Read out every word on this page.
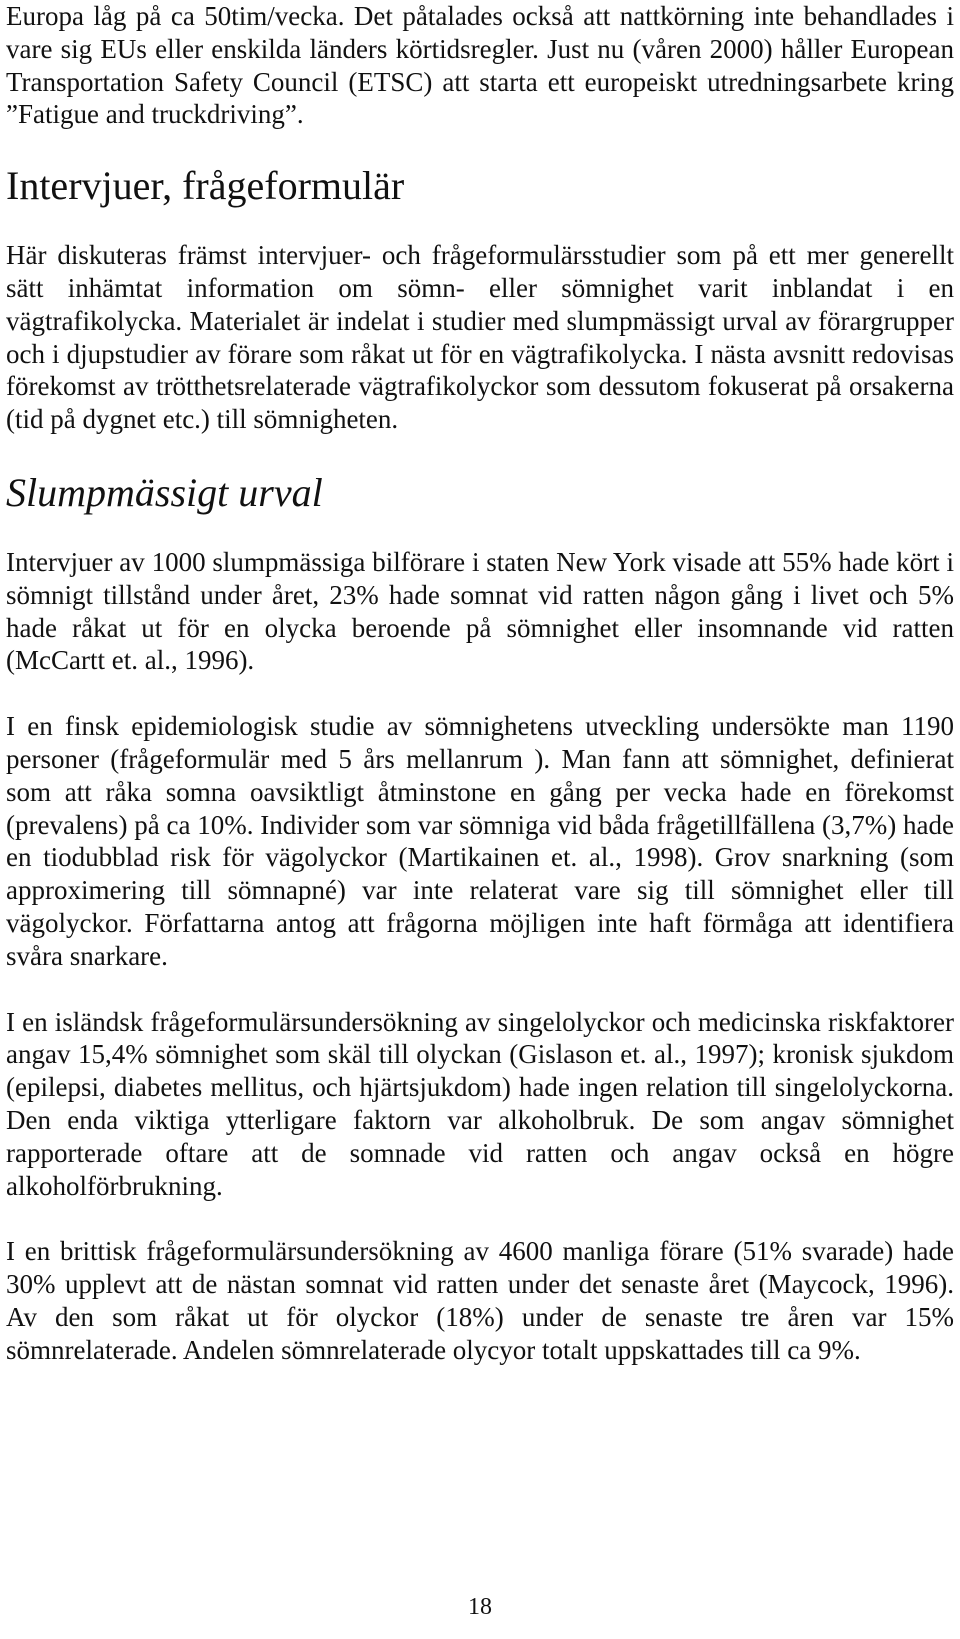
Europa låg på ca 50tim/vecka. Det påtalades också att nattkörning inte behandlades i vare sig EUs eller enskilda länders körtidsregler. Just nu (våren 2000) håller European Transportation Safety Council (ETSC) att starta ett europeiskt utredningsarbete kring ”Fatigue and truckdriving”.

Intervjuer, frågeformulär

Här diskuteras främst intervjuer- och frågeformulärsstudier som på ett mer generellt sätt inhämtat information om sömn- eller sömnighet varit inblandat i en vägtrafikolycka. Materialet är indelat i studier med slumpmässigt urval av förargrupper och i djupstudier av förare som råkat ut för en vägtrafikolycka. I nästa avsnitt redovisas förekomst av trötthetsrelaterade vägtrafikolyckor som dessutom fokuserat på orsakerna (tid på dygnet etc.) till sömnigheten.

Slumpmässigt urval

Intervjuer av 1000 slumpmässiga bilförare i staten New York visade att 55% hade kört i sömnigt tillstånd under året, 23% hade somnat vid ratten någon gång i livet och 5% hade råkat ut för en olycka beroende på sömnighet eller insomnande vid ratten (McCartt et. al., 1996).

I en finsk epidemiologisk studie av sömnighetens utveckling undersökte man 1190 personer (frågeformulär med 5 års mellanrum ). Man fann att sömnighet, definierat som att råka somna oavsiktligt åtminstone en gång per vecka hade en förekomst (prevalens) på ca 10%. Individer som var sömniga vid båda frågetillfällena (3,7%) hade en tiodubblad risk för vägolyckor (Martikainen et. al., 1998). Grov snarkning (som approximering till sömnapné) var inte relaterat vare sig till sömnighet eller till vägolyckor. Författarna antog att frågorna möjligen inte haft förmåga att identifiera svåra snarkare.

I en isländsk frågeformulärsundersökning av singelolyckor och medicinska riskfaktorer angav 15,4% sömnighet som skäl till olyckan (Gislason et. al., 1997); kronisk sjukdom (epilepsi, diabetes mellitus, och hjärtsjukdom) hade ingen relation till singelolyckorna. Den enda viktiga ytterligare faktorn var alkoholbruk. De som angav sömnighet rapporterade oftare att de somnade vid ratten och angav också en högre alkoholförbrukning.

I en brittisk frågeformulärsundersökning av 4600 manliga förare (51% svarade) hade 30% upplevt att de nästan somnat vid ratten under det senaste året (Maycock, 1996). Av den som råkat ut för olyckor (18%) under de senaste tre åren var 15% sömnrelaterade. Andelen sömnrelaterade olycyor totalt uppskattades till ca 9%.

18
